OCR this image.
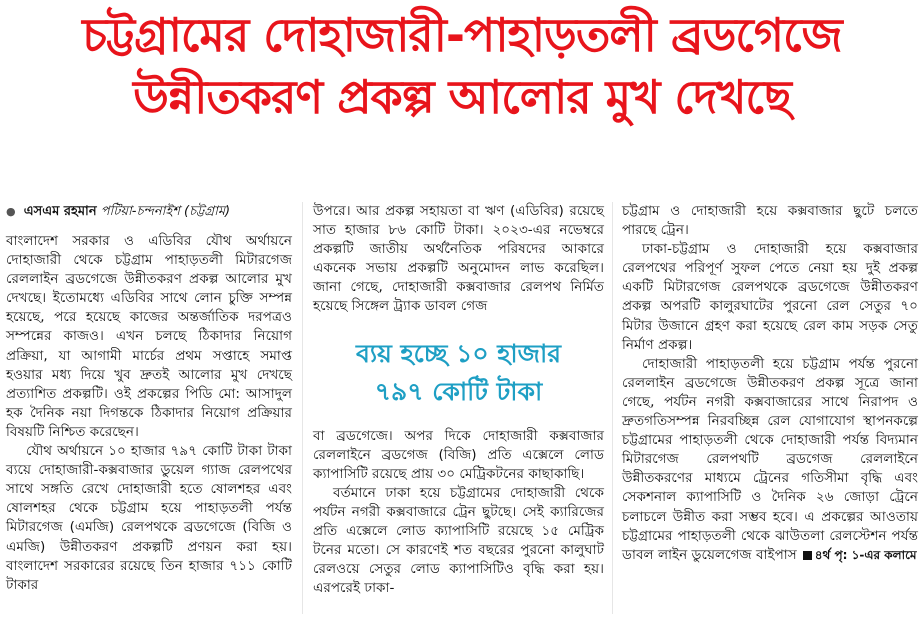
চট্টগ্রামের দোহাজারী-পাহাড়তলী ব্রডগেজে
উন্নীতকরণ প্রকল্প আলোর মুখ দেখছে
● এসএম রহমান পটিয়া-চন্দনাইশ (চট্টগ্রাম)

বাংলাদেশ সরকার ও এডিবির যৌথ অর্থায়নে দোহাজারী থেকে চট্টগ্রাম পাহাড়তলী মিটারগেজ রেললাইন ব্রডগেজে উন্নীতকরণ প্রকল্প আলোর মুখ দেখছে। ইতোমধ্যে এডিবির সাথে লোন চুক্তি সম্পন্ন হয়েছে, পরে হয়েছে কাজের অন্তর্জাতিক দরপত্রও সম্পন্নের কাজও। এখন চলছে ঠিকাদার নিয়োগ প্রক্রিয়া, যা আগামী মার্চের প্রথম সপ্তাহে সমাপ্ত হওয়ার মধ্য দিয়ে খুব দ্রুতই আলোর মুখ দেখছে প্রত্যাশিত প্রকল্পটি। ওই প্রকল্পের পিডি মো: আসাদুল হক দৈনিক নয়া দিগন্তকে ঠিকাদার নিয়োগ প্রক্রিয়ার বিষয়টি নিশ্চিত করেছেন।

যৌথ অর্থায়নে ১০ হাজার ৭৯৭ কোটি টাকা টাকা ব্যয়ে দোহাজারী-কক্সবাজার ডুয়েল গ্যাজ রেলপথের সাথে সঙ্গতি রেখে দোহাজারী হতে ষোলশহর এবং ষোলশহর থেকে চট্টগ্রাম হয়ে পাহাড়তলী পর্যন্ত মিটারগেজ (এমজি) রেলপথকে ব্রডগেজে (বিজি ও এমজি) উন্নীতকরণ প্রকল্পটি প্রণয়ন করা হয়। বাংলাদেশ সরকারের রয়েছে তিন হাজার ৭১১ কোটি টাকার

উপরে। আর প্রকল্প সহায়তা বা ঋণ (এডিবির) রয়েছে সাত হাজার ৮৬ কোটি টাকা। ২০২৩-এর নভেম্বরে প্রকল্পটি জাতীয় অর্থনৈতিক পরিষদের আকারে একনেক সভায় প্রকল্পটি অনুমোদন লাভ করেছিল। জানা গেছে, দোহাজারী কক্সবাজার রেলপথ নির্মিত হয়েছে সিঙ্গেল ট্র্যাক ডাবল গেজ

ব্যয় হচ্ছে ১০ হাজার
৭৯৭ কোটি টাকা

বা ব্রডগেজে। অপর দিকে দোহাজারী কক্সবাজার রেললাইনে ব্রডগেজ (বিজি) প্রতি এক্সেলে লোড ক্যাপাসিটি রয়েছে প্রায় ৩০ মেট্রিকটনের কাছাকাছি।

বর্তমানে ঢাকা হয়ে চট্টগ্রামের দোহাজারী থেকে পর্যটন নগরী কক্সবাজারে ট্রেন ছুটছে। সেই ক্যারিজের প্রতি এক্সেলে লোড ক্যাপাসিটি রয়েছে ১৫ মেট্রিক টনের মতো। সে কারণেই শত বছরের পুরনো কালুঘাট রেলওয়ে সেতুর লোড ক্যাপাসিটিও বৃদ্ধি করা হয়। এরপরেই ঢাকা-

চট্টগ্রাম ও দোহাজারী হয়ে কক্সবাজার ছুটে চলতে পারছে ট্রেন।

ঢাকা-চট্টগ্রাম ও দোহাজারী হয়ে কক্সবাজার রেলপথের পরিপূর্ণ সুফল পেতে নেয়া হয় দুই প্রকল্প একটি মিটারগেজ রেলপথকে ব্রডগেজে উন্নীতকরণ প্রকল্প অপরটি কালুরঘাটের পুরনো রেল সেতুর ৭০ মিটার উজানে গ্রহণ করা হয়েছে রেল কাম সড়ক সেতু নির্মাণ প্রকল্প।

দোহাজারী পাহাড়তলী হয়ে চট্টগ্রাম পর্যন্ত পুরনো রেললাইন ব্রডগেজে উন্নীতকরণ প্রকল্প সূত্রে জানা গেছে, পর্যটন নগরী কক্সবাজারের সাথে নিরাপদ ও দ্রুতগতিসম্পন্ন নিরবচ্ছিন্ন রেল যোগাযোগ স্থাপনকল্পে চট্টগ্রামের পাহাড়তলী থেকে দোহাজারী পর্যন্ত বিদ্যমান মিটারগেজ রেলপথটি ব্রডগেজ রেললাইনে উন্নীতকরণের মাধ্যমে ট্রেনের গতিসীমা বৃদ্ধি এবং সেকশনাল ক্যাপাসিটি ও দৈনিক ২৬ জোড়া ট্রেনে চলাচলে উন্নীত করা সম্ভব হবে। এ প্রকল্পের আওতায় চট্টগ্রামের পাহাড়তলী থেকে ঝাউতলা রেলস্টেশন পর্যন্ত ডাবল লাইন ডুয়েলগেজ বাইপাস ৪র্থ পৃ: ১-এর কলামে
